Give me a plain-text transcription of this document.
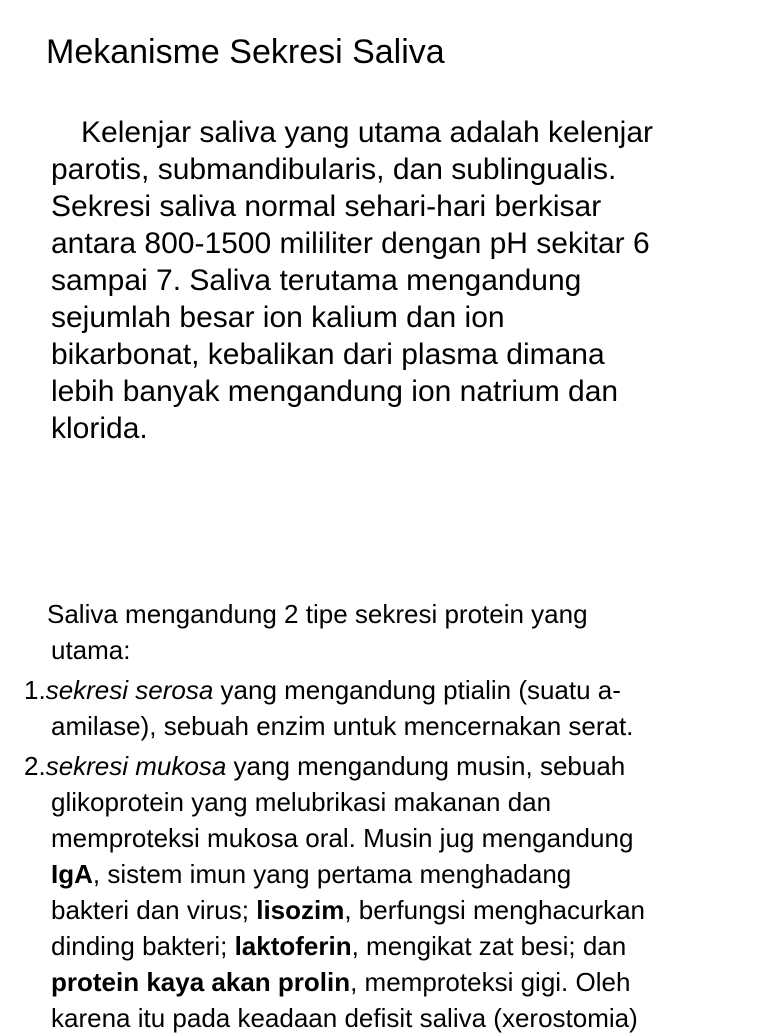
Mekanisme Sekresi Saliva

Kelenjar saliva yang utama adalah kelenjar
parotis, submandibularis, dan sublingualis.
Sekresi saliva normal sehari-hari berkisar
antara 800-1500 mililiter dengan pH sekitar 6
sampai 7. Saliva terutama mengandung
sejumlah besar ion kalium dan ion
bikarbonat, kebalikan dari plasma dimana
lebih banyak mengandung ion natrium dan
klorida.

Saliva mengandung 2 tipe sekresi protein yang
utama:
1.sekresi serosa yang mengandung ptialin (suatu a-
amilase), sebuah enzim untuk mencernakan serat.
2.sekresi mukosa yang mengandung musin, sebuah
glikoprotein yang melubrikasi makanan dan
memproteksi mukosa oral. Musin jug mengandung
IgA, sistem imun yang pertama menghadang
bakteri dan virus; lisozim, berfungsi menghacurkan
dinding bakteri; laktoferin, mengikat zat besi; dan
protein kaya akan prolin, memproteksi gigi. Oleh
karena itu pada keadaan defisit saliva (xerostomia)
